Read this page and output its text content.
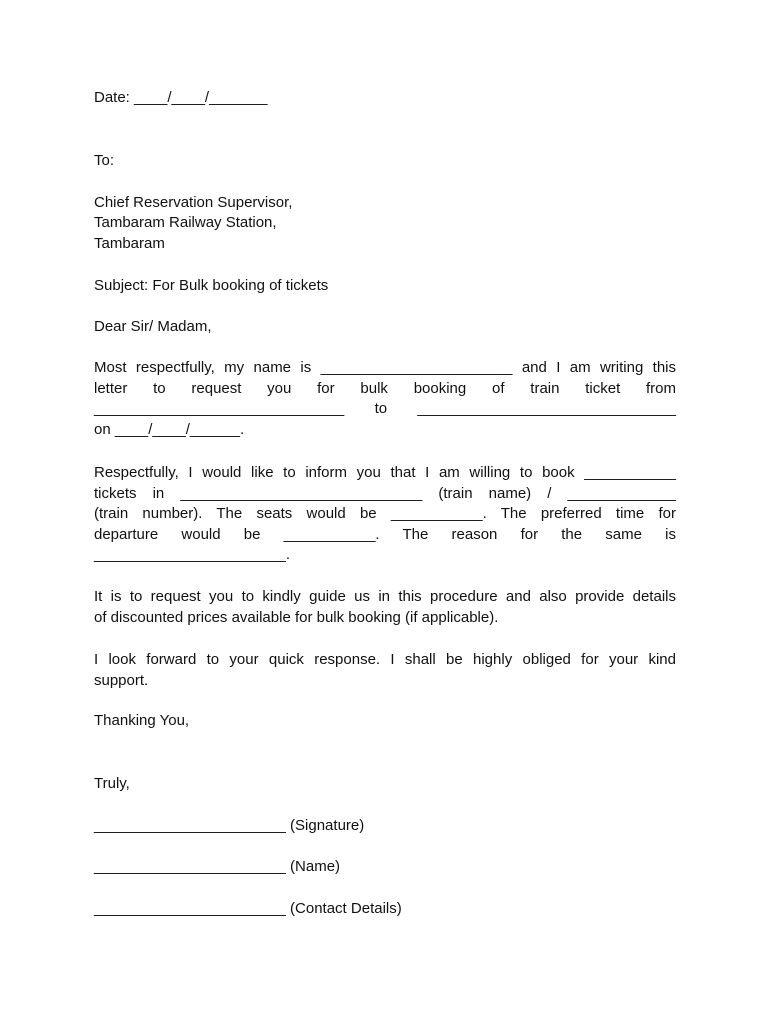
Date: ____/____/_______
To:
Chief Reservation Supervisor,
Tambaram Railway Station,
Tambaram
Subject: For Bulk booking of tickets
Dear Sir/ Madam,
Most respectfully, my name is _______________________ and I am writing this
letter to request you for bulk booking of train ticket from
______________________________ to _______________________________
on ____/____/______.
Respectfully, I would like to inform you that I am willing to book ___________
tickets in _____________________________ (train name) / _____________
(train number). The seats would be ___________. The preferred time for
departure would be ___________. The reason for the same is
_______________________.
It is to request you to kindly guide us in this procedure and also provide details
of discounted prices available for bulk booking (if applicable).
I look forward to your quick response. I shall be highly obliged for your kind
support.
Thanking You,
Truly,
_______________________ (Signature)
_______________________ (Name)
_______________________ (Contact Details)
